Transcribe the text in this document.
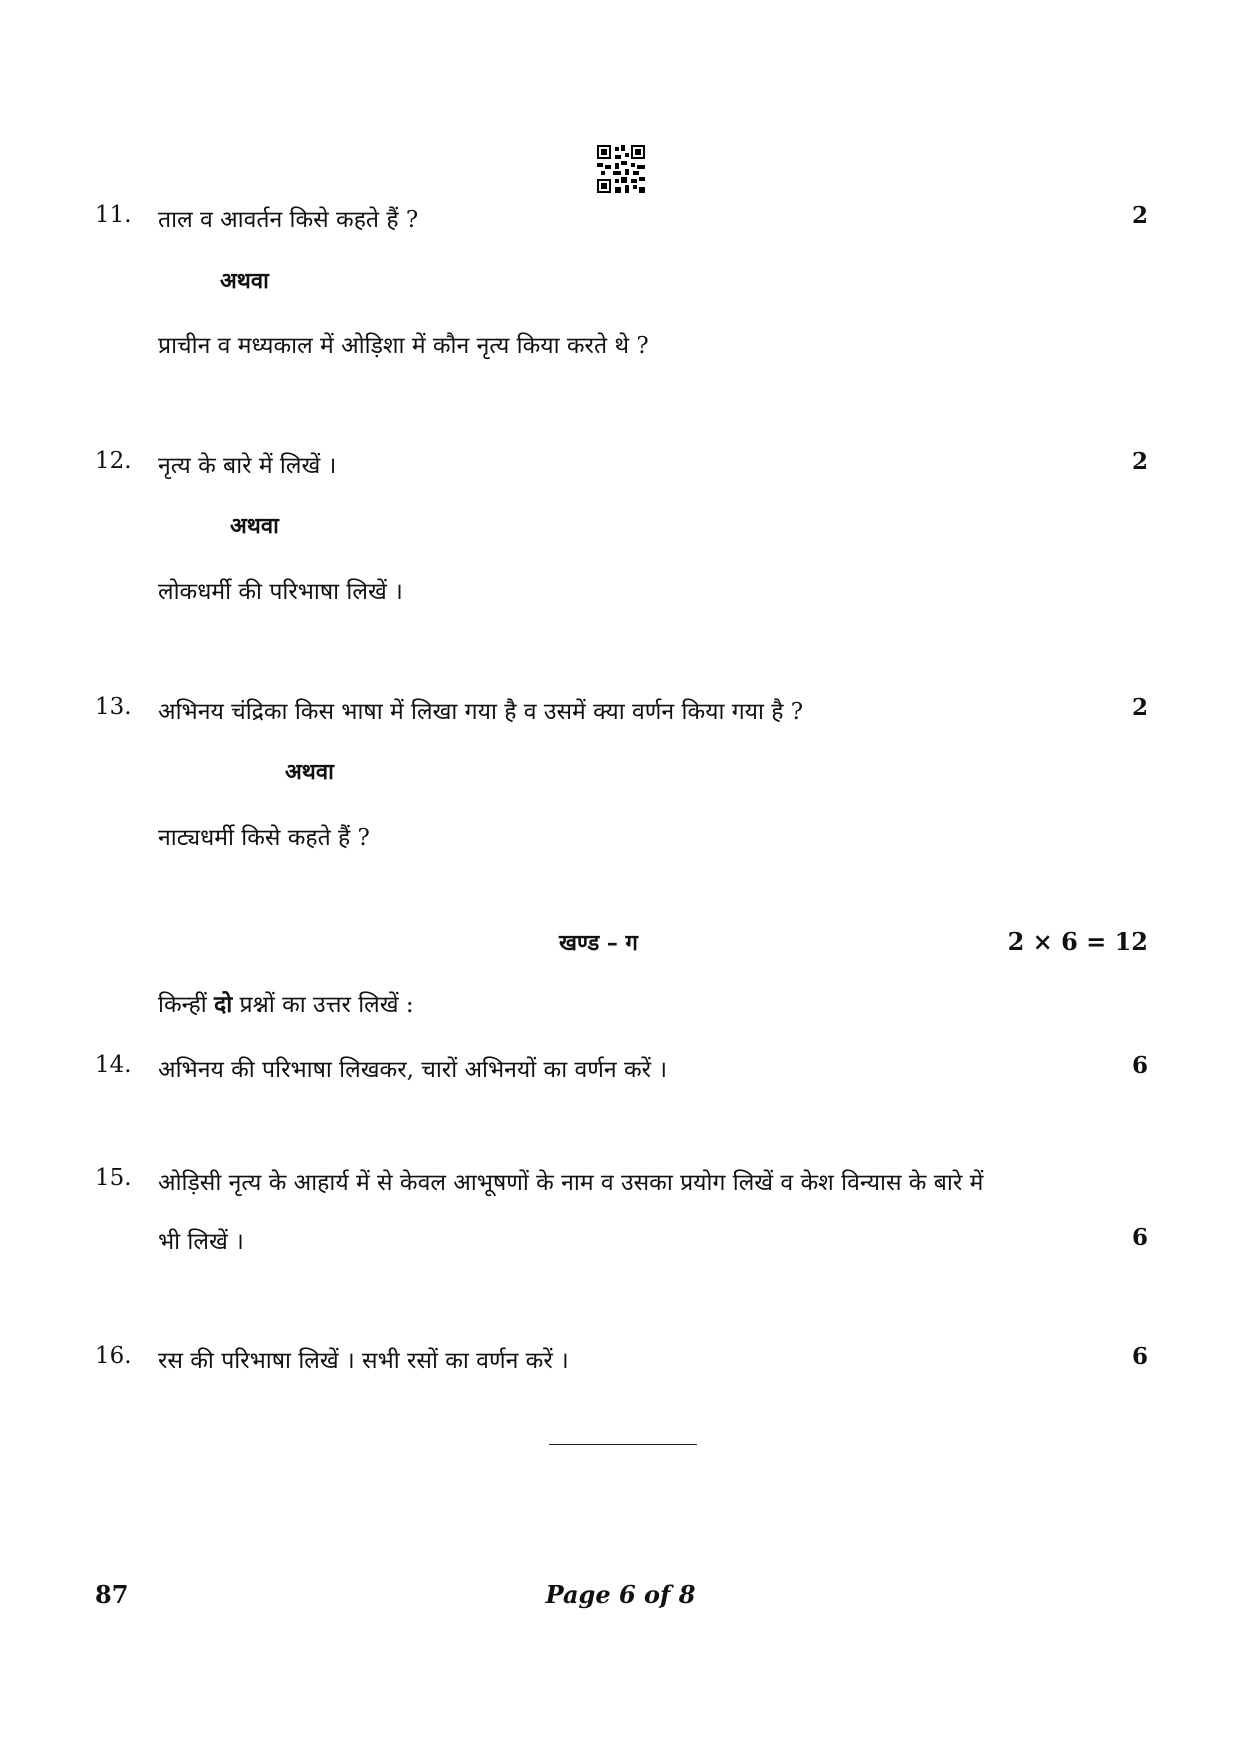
11. ताल व आवर्तन किसे कहते हैं ?	2
अथवा
प्राचीन व मध्यकाल में ओड़िशा में कौन नृत्य किया करते थे ?
12. नृत्य के बारे में लिखें ।	2
अथवा
लोकधर्मी की परिभाषा लिखें ।
13. अभिनय चंद्रिका किस भाषा में लिखा गया है व उसमें क्या वर्णन किया गया है ?	2
अथवा
नाट्यधर्मी किसे कहते हैं ?
खण्ड – ग	2 × 6 = 12
किन्हीं दो प्रश्नों का उत्तर लिखें :
14. अभिनय की परिभाषा लिखकर, चारों अभिनयों का वर्णन करें ।	6
15. ओड़िसी नृत्य के आहार्य में से केवल आभूषणों के नाम व उसका प्रयोग लिखें व केश विन्यास के बारे में
भी लिखें ।	6
16. रस की परिभाषा लिखें । सभी रसों का वर्णन करें ।	6
87	Page 6 of 8
